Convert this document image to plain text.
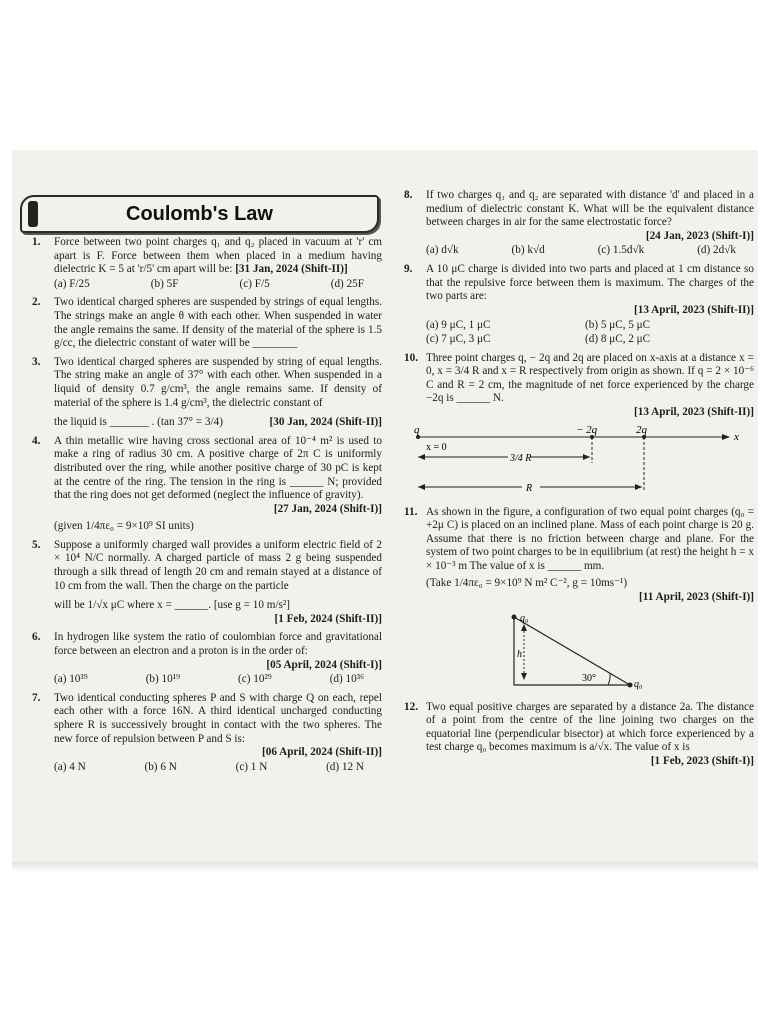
Coulomb's Law
1. Force between two point charges q₁ and q₂ placed in vacuum at 'r' cm apart is F. Force between them when placed in a medium having dielectric K = 5 at 'r/5' cm apart will be: [31 Jan, 2024 (Shift-II)]
(a) F/25	(b) 5F	(c) F/5	(d) 25F
2. Two identical charged spheres are suspended by strings of equal lengths. The strings make an angle θ with each other. When suspended in water the angle remains the same. If density of the material of the sphere is 1.5 g/cc, the dielectric constant of water will be ________
3. Two identical charged spheres are suspended by string of equal lengths. The string make an angle of 37° with each other. When suspended in a liquid of density 0.7 g/cm³, the angle remains same. If density of material of the sphere is 1.4 g/cm³, the dielectric constant of
the liquid is _______ . (tan 37° = 3/4)	[30 Jan, 2024 (Shift-II)]
4. A thin metallic wire having cross sectional area of 10⁻⁴ m² is used to make a ring of radius 30 cm. A positive charge of 2π C is uniformly distributed over the ring, while another positive charge of 30 pC is kept at the centre of the ring. The tension in the ring is ______ N; provided that the ring does not get deformed (neglect the influence of gravity).
[27 Jan, 2024 (Shift-I)]
(given 1/4πε₀ = 9×10⁹ SI units)
5. Suppose a uniformly charged wall provides a uniform electric field of 2 × 10⁴ N/C normally. A charged particle of mass 2 g being suspended through a silk thread of length 20 cm and remain stayed at a distance of 10 cm from the wall. Then the charge on the particle
will be 1/√x μC where x = ______. [use g = 10 m/s²]
[1 Feb, 2024 (Shift-II)]
6. In hydrogen like system the ratio of coulombian force and gravitational force between an electron and a proton is in the order of:
[05 April, 2024 (Shift-I)]
(a) 10³⁹	(b) 10¹⁹	(c) 10²⁹	(d) 10³⁶
7. Two identical conducting spheres P and S with charge Q on each, repel each other with a force 16N. A third identical uncharged conducting sphere R is successively brought in contact with the two spheres. The new force of repulsion between P and S is:
[06 April, 2024 (Shift-II)]
(a) 4 N	(b) 6 N	(c) 1 N	(d) 12 N
8. If two charges q₁ and q₂ are separated with distance 'd' and placed in a medium of dielectric constant K. What will be the equivalent distance between charges in air for the same electrostatic force?
[24 Jan, 2023 (Shift-I)]
(a) d√k	(b) k√d	(c) 1.5d√k	(d) 2d√k
9. A 10 μC charge is divided into two parts and placed at 1 cm distance so that the repulsive force between them is maximum. The charges of the two parts are:
[13 April, 2023 (Shift-II)]
(a) 9 μC, 1 μC	(b) 5 μC, 5 μC
(c) 7 μC, 3 μC	(d) 8 μC, 2 μC
10. Three point charges q, − 2q and 2q are placed on x-axis at a distance x = 0, x = 3/4 R and x = R respectively from origin as shown. If q = 2 × 10⁻⁶ C and R = 2 cm, the magnitude of net force experienced by the charge −2q is ______ N.
[13 April, 2023 (Shift-II)]
q	− 2q	2q
x
x = 0
3/4 R
R
11. As shown in the figure, a configuration of two equal point charges (q₀ = +2μ C) is placed on an inclined plane. Mass of each point charge is 20 g. Assume that there is no friction between charge and plane. For the system of two point charges to be in equilibrium (at rest) the height h = x × 10⁻³ m The value of x is ______ mm.
(Take 1/4πε₀ = 9×10⁹ N m² C⁻², g = 10ms⁻¹)
[11 April, 2023 (Shift-I)]
q₀
q₀
h
30°
12. Two equal positive charges are separated by a distance 2a. The distance of a point from the centre of the line joining two charges on the equatorial line (perpendicular bisector) at which force experienced by a test charge q₀ becomes maximum is a/√x. The value of x is
[1 Feb, 2023 (Shift-I)]
